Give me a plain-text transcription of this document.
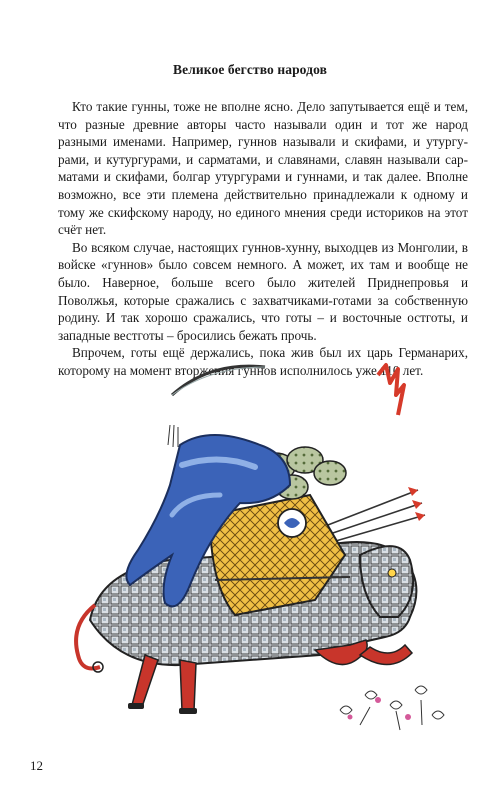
Великое бегство народов

Кто такие гунны, тоже не вполне ясно. Дело запутывается ещё и тем, что разные древние авторы часто называли один и тот же народ разными именами. Например, гуннов называли и скифами, и утургурами, и кутургурами, и сарматами, и славянами, славян называли сарматами и скифами, болгар утургурами и гуннами, и так далее. Вполне возможно, все эти племена действительно принадлежали к одному и тому же скифскому народу, но единого мнения среди историков на этот счёт нет.

Во всяком случае, настоящих гуннов-хунну, выходцев из Монголии, в войске «гуннов» было совсем немного. А может, их там и вообще не было. Наверное, больше всего было жителей Приднепровья и Поволжья, которые сражались с захватчиками-готами за собственную родину. И так хорошо сражались, что готы – и восточные остготы, и западные вестготы – бросились бежать прочь.

Впрочем, готы ещё держались, пока жив был их царь Германарих, которому на момент вторжения гуннов исполнилось уже 110 лет.

12
